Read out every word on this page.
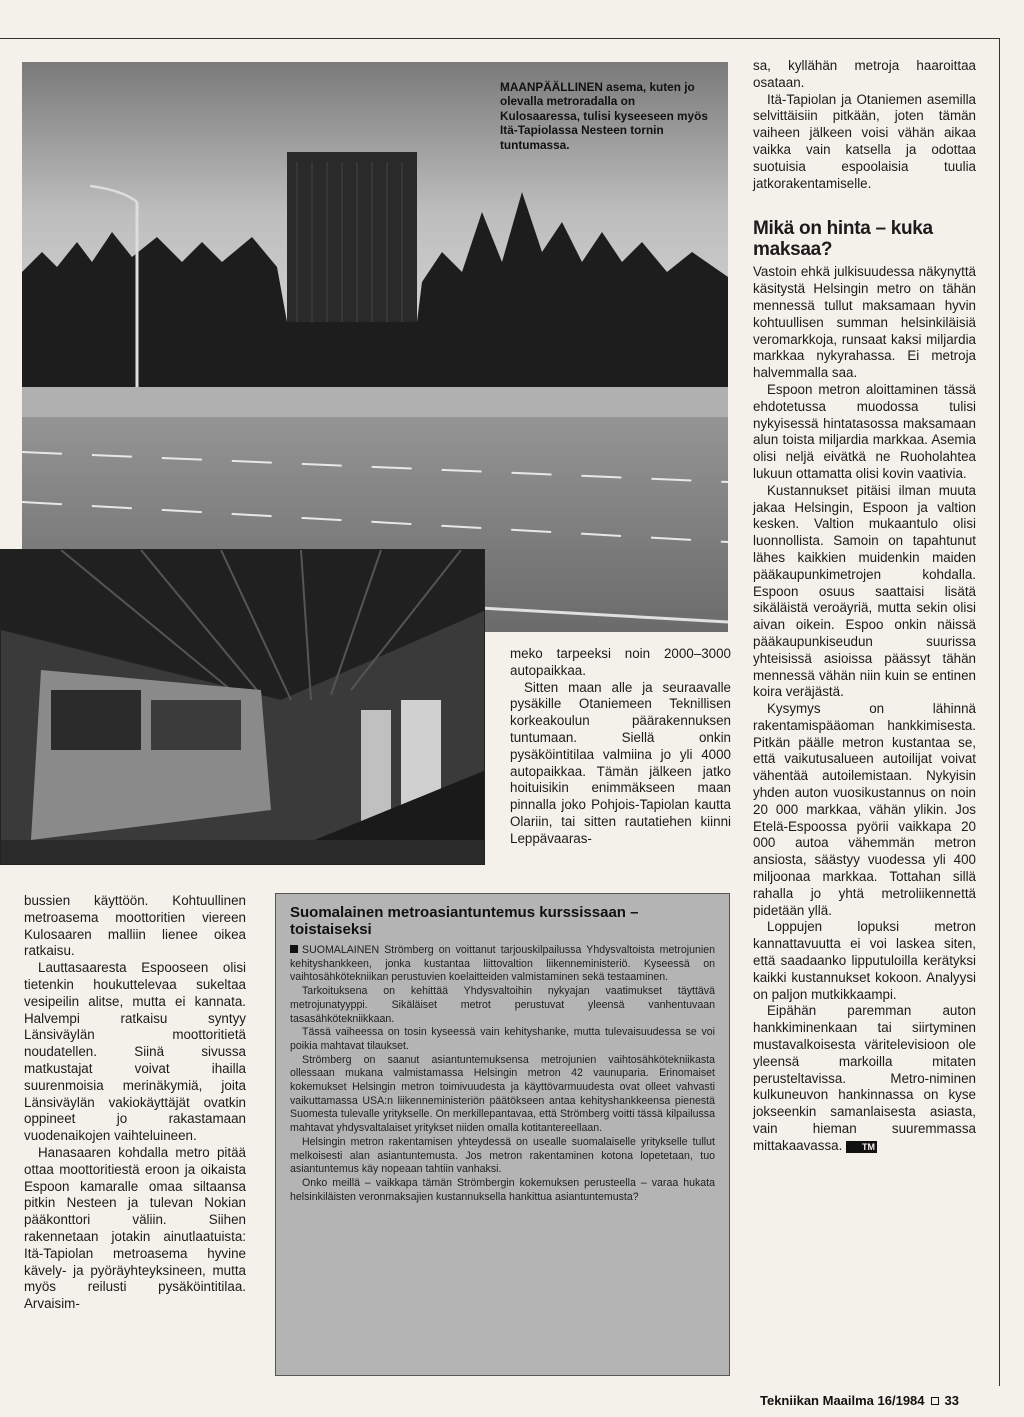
MAANPÄÄLLINEN asema, kuten jo olevalla metroradalla on Kulosaaressa, tulisi kyseeseen myös Itä-Tapiolassa Nesteen tornin tuntumassa.

sa, kyllähän metroja haaroittaa osataan.

Itä-Tapiolan ja Otaniemen asemilla selvittäisiin pitkään, joten tämän vaiheen jälkeen voisi vähän aikaa vaikka vain katsella ja odottaa suotuisia espoolaisia tuulia jatkorakentamiselle.

Mikä on hinta – kuka maksaa?

Vastoin ehkä julkisuudessa näkynyttä käsitystä Helsingin metro on tähän mennessä tullut maksamaan hyvin kohtuullisen summan helsinkiläisiä veromarkkoja, runsaat kaksi miljardia markkaa nykyrahassa. Ei metroja halvemmalla saa.

Espoon metron aloittaminen tässä ehdotetussa muodossa tulisi nykyisessä hintatasossa maksamaan alun toista miljardia markkaa. Asemia olisi neljä eivätkä ne Ruoholahtea lukuun ottamatta olisi kovin vaativia.

Kustannukset pitäisi ilman muuta jakaa Helsingin, Espoon ja valtion kesken. Valtion mukaantulo olisi luonnollista. Samoin on tapahtunut lähes kaikkien muidenkin maiden pääkaupunkimetrojen kohdalla. Espoon osuus saattaisi lisätä sikäläistä veroäyriä, mutta sekin olisi aivan oikein. Espoo onkin näissä pääkaupunkiseudun suurissa yhteisissä asioissa päässyt tähän mennessä vähän niin kuin se entinen koira veräjästä.

Kysymys on lähinnä rakentamispääoman hankkimisesta. Pitkän päälle metron kustantaa se, että vaikutusalueen autoilijat voivat vähentää autoilemistaan. Nykyisin yhden auton vuosikustannus on noin 20 000 markkaa, vähän ylikin. Jos Etelä-Espoossa pyörii vaikkapa 20 000 autoa vähemmän metron ansiosta, säästyy vuodessa yli 400 miljoonaa markkaa. Tottahan sillä rahalla jo yhtä metroliikennettä pidetään yllä.

Loppujen lopuksi metron kannattavuutta ei voi laskea siten, että saadaanko lipputuloilla kerätyksi kaikki kustannukset kokoon. Analyysi on paljon mutkikkaampi.

Eipähän paremman auton hankkiminenkaan tai siirtyminen mustavalkoisesta väritelevisioon ole yleensä markoilla mitaten perusteltavissa. Metro-niminen kulkuneuvon hankinnassa on kyse jokseenkin samanlaisesta asiasta, vain hieman suuremmassa mittakaavassa. TM

meko tarpeeksi noin 2000–3000 autopaikkaa.

Sitten maan alle ja seuraavalle pysäkille Otaniemeen Teknillisen korkeakoulun päärakennuksen tuntumaan. Siellä onkin pysäköintitilaa valmiina jo yli 4000 autopaikkaa. Tämän jälkeen jatko hoituisikin enimmäkseen maan pinnalla joko Pohjois-Tapiolan kautta Olariin, tai sitten rautatiehen kiinni Leppävaaras-

bussien käyttöön. Kohtuullinen metroasema moottoritien viereen Kulosaaren malliin lienee oikea ratkaisu.

Lauttasaaresta Espooseen olisi tietenkin houkuttelevaa sukeltaa vesipeilin alitse, mutta ei kannata. Halvempi ratkaisu syntyy Länsiväylän moottoritietä noudatellen. Siinä sivussa matkustajat voivat ihailla suurenmoisia merinäkymiä, joita Länsiväylän vakiokäyttäjät ovatkin oppineet jo rakastamaan vuodenaikojen vaihteluineen.

Hanasaaren kohdalla metro pitää ottaa moottoritiestä eroon ja oikaista Espoon kamaralle omaa siltaansa pitkin Nesteen ja tulevan Nokian pääkonttori väliin. Siihen rakennetaan jotakin ainutlaatuista: Itä-Tapiolan metroasema hyvine kävely- ja pyöräyhteyksineen, mutta myös reilusti pysäköintitilaa. Arvaisim-

Suomalainen metroasiantuntemus kurssissaan – toistaiseksi

SUOMALAINEN Strömberg on voittanut tarjouskilpailussa Yhdysvaltoista metrojunien kehityshankkeen, jonka kustantaa liittovaltion liikenneministeriö. Kyseessä on vaihtosähkötekniikan perustuvien koelaitteiden valmistaminen sekä testaaminen.

Tarkoituksena on kehittää Yhdysvaltoihin nykyajan vaatimukset täyttävä metrojunatyyppi. Sikäläiset metrot perustuvat yleensä vanhentuvaan tasasähkötekniikkaan.

Tässä vaiheessa on tosin kyseessä vain kehityshanke, mutta tulevaisuudessa se voi poikia mahtavat tilaukset.

Strömberg on saanut asiantuntemuksensa metrojunien vaihtosähkötekniikasta ollessaan mukana valmistamassa Helsingin metron 42 vaunuparia. Erinomaiset kokemukset Helsingin metron toimivuudesta ja käyttövarmuudesta ovat olleet vahvasti vaikuttamassa USA:n liikenneministeriön päätökseen antaa kehityshankkeensa pienestä Suomesta tulevalle yritykselle. On merkillepantavaa, että Strömberg voitti tässä kilpailussa mahtavat yhdysvaltalaiset yritykset niiden omalla kotitantereellaan.

Helsingin metron rakentamisen yhteydessä on usealle suomalaiselle yritykselle tullut melkoisesti alan asiantuntemusta. Jos metron rakentaminen kotona lopetetaan, tuo asiantuntemus käy nopeaan tahtiin vanhaksi.

Onko meillä – vaikkapa tämän Strömbergin kokemuksen perusteella – varaa hukata helsinkiläisten veronmaksajien kustannuksella hankittua asiantuntemusta?

Tekniikan Maailma 16/1984 33
